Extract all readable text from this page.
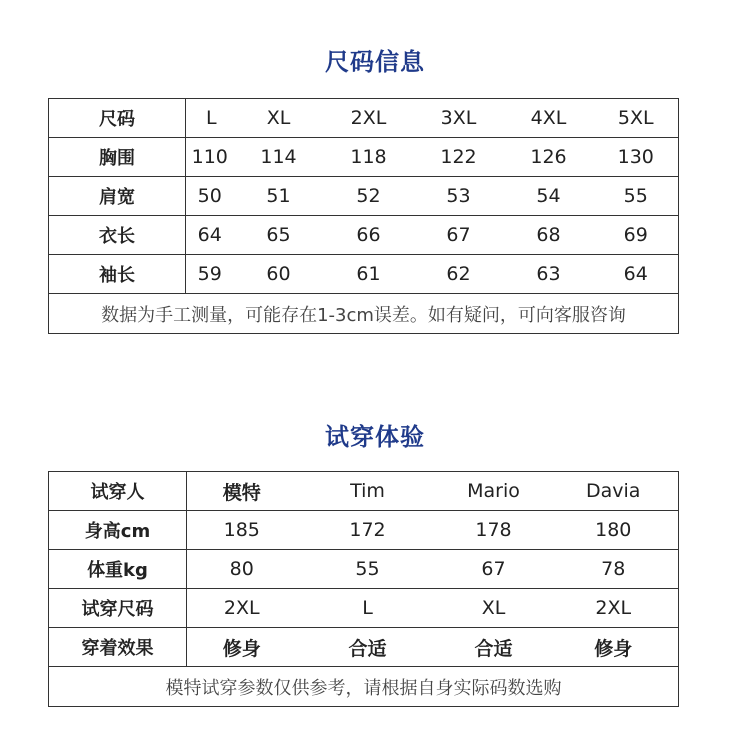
尺码信息
尺码	L	XL	2XL	3XL	4XL	5XL
胸围	110	114	118	122	126	130
肩宽	50	51	52	53	54	55
衣长	64	65	66	67	68	69
袖长	59	60	61	62	63	64
数据为手工测量，可能存在1-3cm误差。如有疑问，可向客服咨询						
试穿体验
试穿人	模特	Tim	Mario	Davia
身高cm	185	172	178	180
体重kg	80	55	67	78
试穿尺码	2XL	L	XL	2XL
穿着效果	修身	合适	合适	修身
模特试穿参数仅供参考，请根据自身实际码数选购				
